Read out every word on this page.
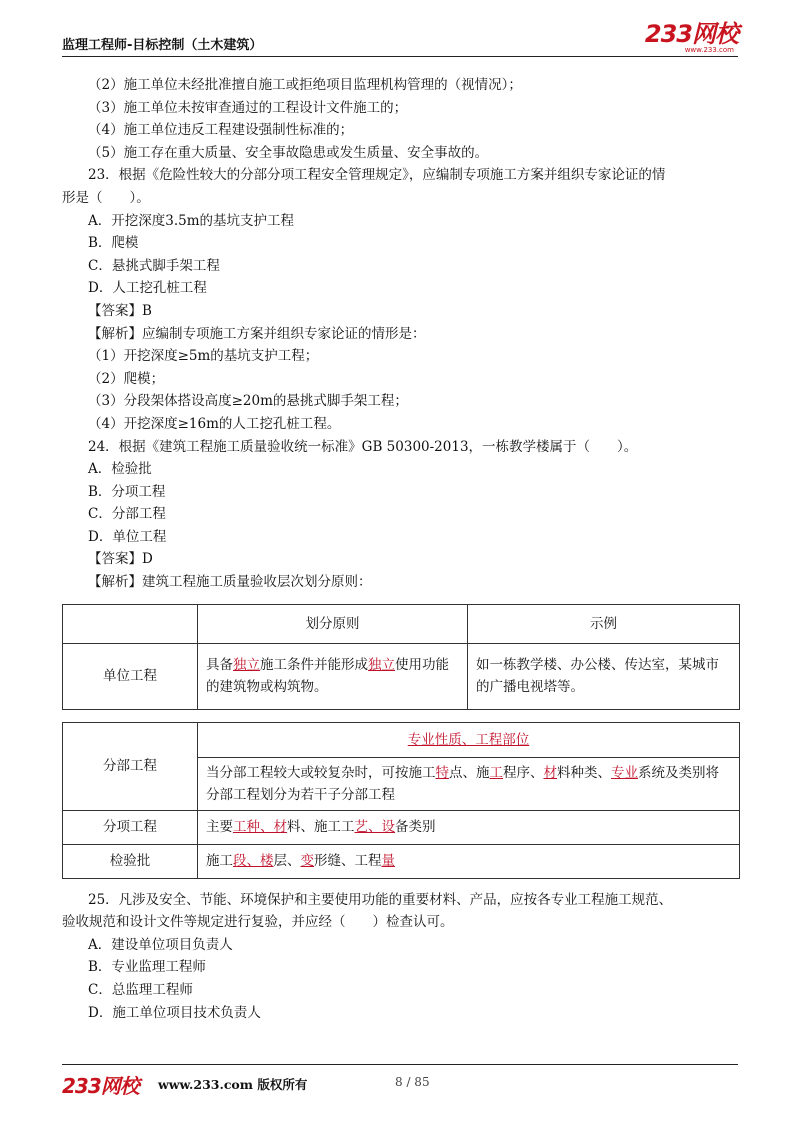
监理工程师-目标控制（土木建筑）	233网校
www.233.com
（2）施工单位未经批准擅自施工或拒绝项目监理机构管理的（视情况）；
（3）施工单位未按审查通过的工程设计文件施工的；
（4）施工单位违反工程建设强制性标准的；
（5）施工存在重大质量、安全事故隐患或发生质量、安全事故的。
23．根据《危险性较大的分部分项工程安全管理规定》，应编制专项施工方案并组织专家论证的情
形是（　　）。
A．开挖深度3.5m的基坑支护工程
B．爬模
C．悬挑式脚手架工程
D．人工挖孔桩工程
【答案】B
【解析】应编制专项施工方案并组织专家论证的情形是：
（1）开挖深度≥5m的基坑支护工程；
（2）爬模；
（3）分段架体搭设高度≥20m的悬挑式脚手架工程；
（4）开挖深度≥16m的人工挖孔桩工程。
24．根据《建筑工程施工质量验收统一标准》GB 50300-2013，一栋教学楼属于（　　）。
A．检验批
B．分项工程
C．分部工程
D．单位工程
【答案】D
【解析】建筑工程施工质量验收层次划分原则：
	划分原则	示例
单位工程	具备独立施工条件并能形成独立使用功能的建筑物或构筑物。	如一栋教学楼、办公楼、传达室，某城市的广播电视塔等。
分部工程	专业性质、工程部位
	当分部工程较大或较复杂时，可按施工特点、施工程序、材料种类、专业系统及类别将分部工程划分为若干子分部工程
分项工程	主要工种、材料、施工工艺、设备类别
检验批	施工段、楼层、变形缝、工程量
25．凡涉及安全、节能、环境保护和主要使用功能的重要材料、产品，应按各专业工程施工规范、
验收规范和设计文件等规定进行复验，并应经（　　）检查认可。
A．建设单位项目负责人
B．专业监理工程师
C．总监理工程师
D．施工单位项目技术负责人
233网校 www.233.com 版权所有	8 / 85
